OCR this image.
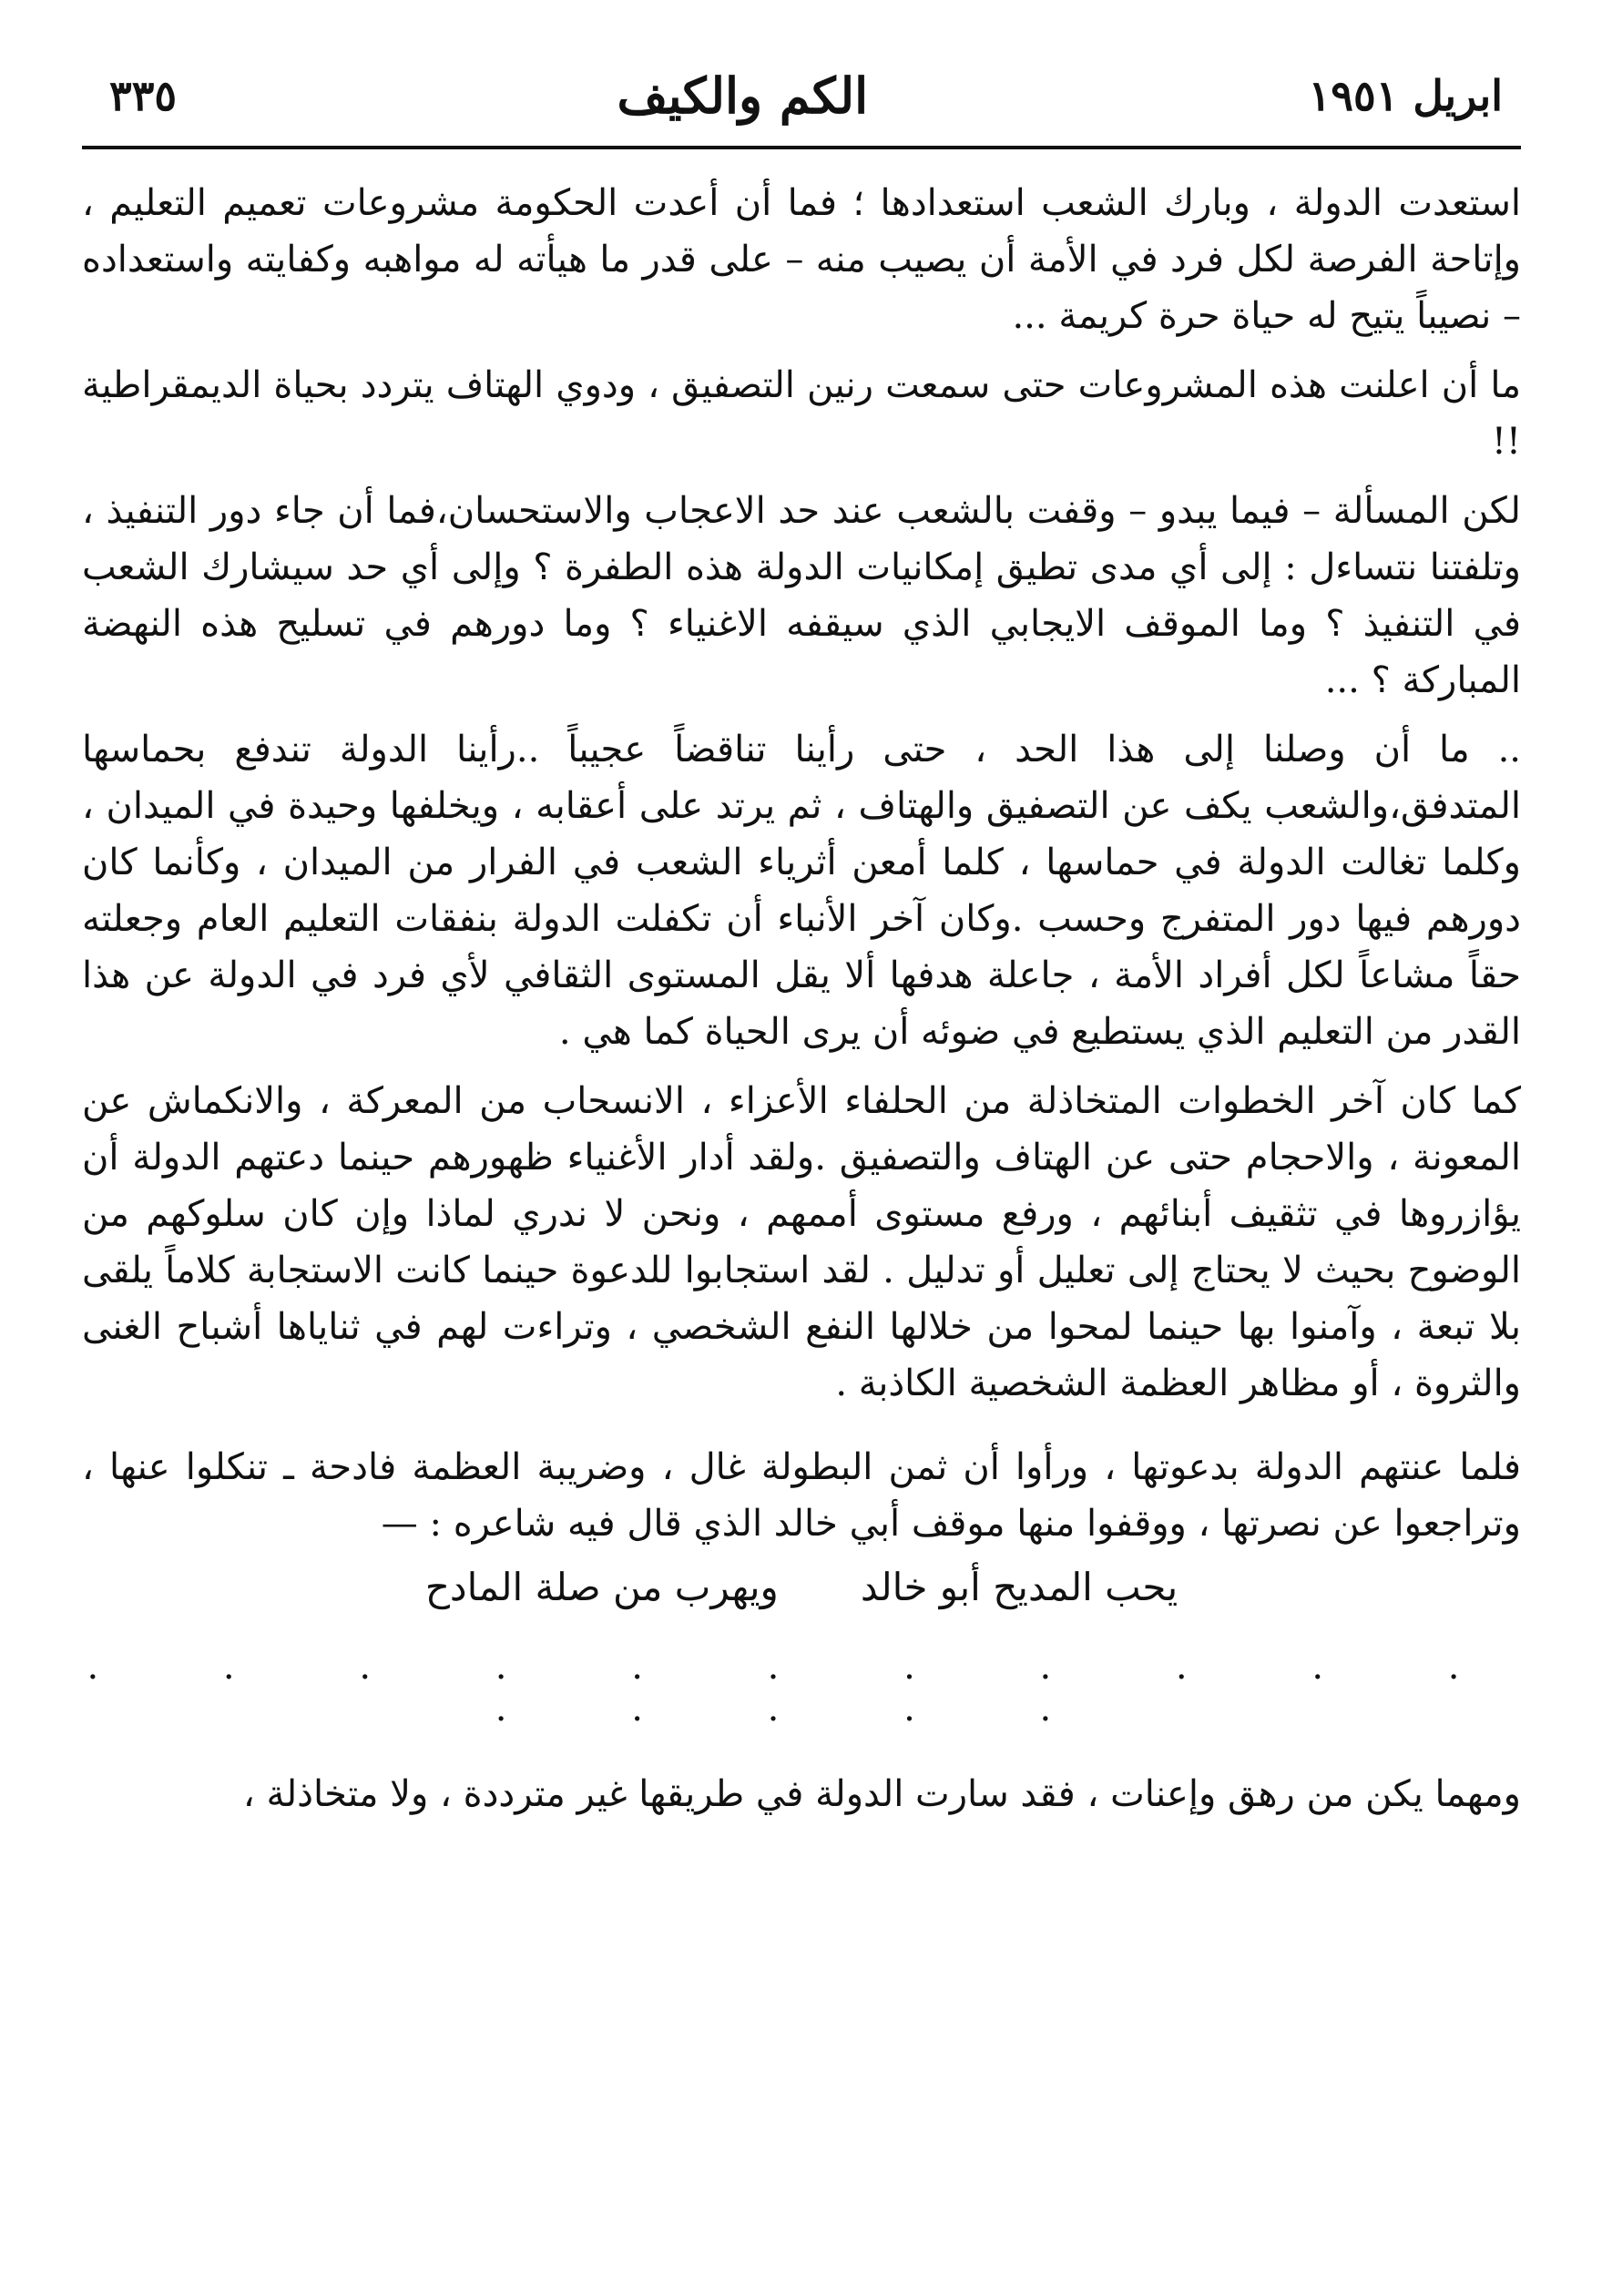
ابريل ١٩٥١
الكم والكيف
٣٣٥

استعدت الدولة ، وبارك الشعب استعدادها ؛ فما أن أعدت الحكومة مشروعات تعميم التعليم ، وإتاحة الفرصة لكل فرد في الأمة أن يصيب منه – على قدر ما هيأته له مواهبه وكفايته واستعداده – نصيباً يتيح له حياة حرة كريمة ...

ما أن اعلنت هذه المشروعات حتى سمعت رنين التصفيق ، ودوي الهتاف يتردد بحياة الديمقراطية !!

لكن المسألة – فيما يبدو – وقفت بالشعب عند حد الاعجاب والاستحسان،فما أن جاء دور التنفيذ ، وتلفتنا نتساءل : إلى أي مدى تطيق إمكانيات الدولة هذه الطفرة ؟ وإلى أي حد سيشارك الشعب في التنفيذ ؟ وما الموقف الايجابي الذي سيقفه الاغنياء ؟ وما دورهم في تسليح هذه النهضة المباركة ؟ ...

.. ما أن وصلنا إلى هذا الحد ، حتى رأينا تناقضاً عجيباً ..رأينا الدولة تندفع بحماسها المتدفق،والشعب يكف عن التصفيق والهتاف ، ثم يرتد على أعقابه ، ويخلفها وحيدة في الميدان ، وكلما تغالت الدولة في حماسها ، كلما أمعن أثرياء الشعب في الفرار من الميدان ، وكأنما كان دورهم فيها دور المتفرج وحسب .وكان آخر الأنباء أن تكفلت الدولة بنفقات التعليم العام وجعلته حقاً مشاعاً لكل أفراد الأمة ، جاعلة هدفها ألا يقل المستوى الثقافي لأي فرد في الدولة عن هذا القدر من التعليم الذي يستطيع في ضوئه أن يرى الحياة كما هي .

كما كان آخر الخطوات المتخاذلة من الحلفاء الأعزاء ، الانسحاب من المعركة ، والانكماش عن المعونة ، والاحجام حتى عن الهتاف والتصفيق .ولقد أدار الأغنياء ظهورهم حينما دعتهم الدولة أن يؤازروها في تثقيف أبنائهم ، ورفع مستوى أممهم ، ونحن لا ندري لماذا وإن كان سلوكهم من الوضوح بحيث لا يحتاج إلى تعليل أو تدليل . لقد استجابوا للدعوة حينما كانت الاستجابة كلاماً يلقى بلا تبعة ، وآمنوا بها حينما لمحوا من خلالها النفع الشخصي ، وتراءت لهم في ثناياها أشباح الغنى والثروة ، أو مظاهر العظمة الشخصية الكاذبة .

فلما عنتهم الدولة بدعوتها ، ورأوا أن ثمن البطولة غال ، وضريبة العظمة فادحة ـ تنكلوا عنها ، وتراجعوا عن نصرتها ، ووقفوا منها موقف أبي خالد الذي قال فيه شاعره : —

يحب المديح أبو خالد
ويهرب من صلة المادح
. . . . . . . . . . . . . . . .
ومهما يكن من رهق وإعنات ، فقد سارت الدولة في طريقها غير مترددة ، ولا متخاذلة ،
